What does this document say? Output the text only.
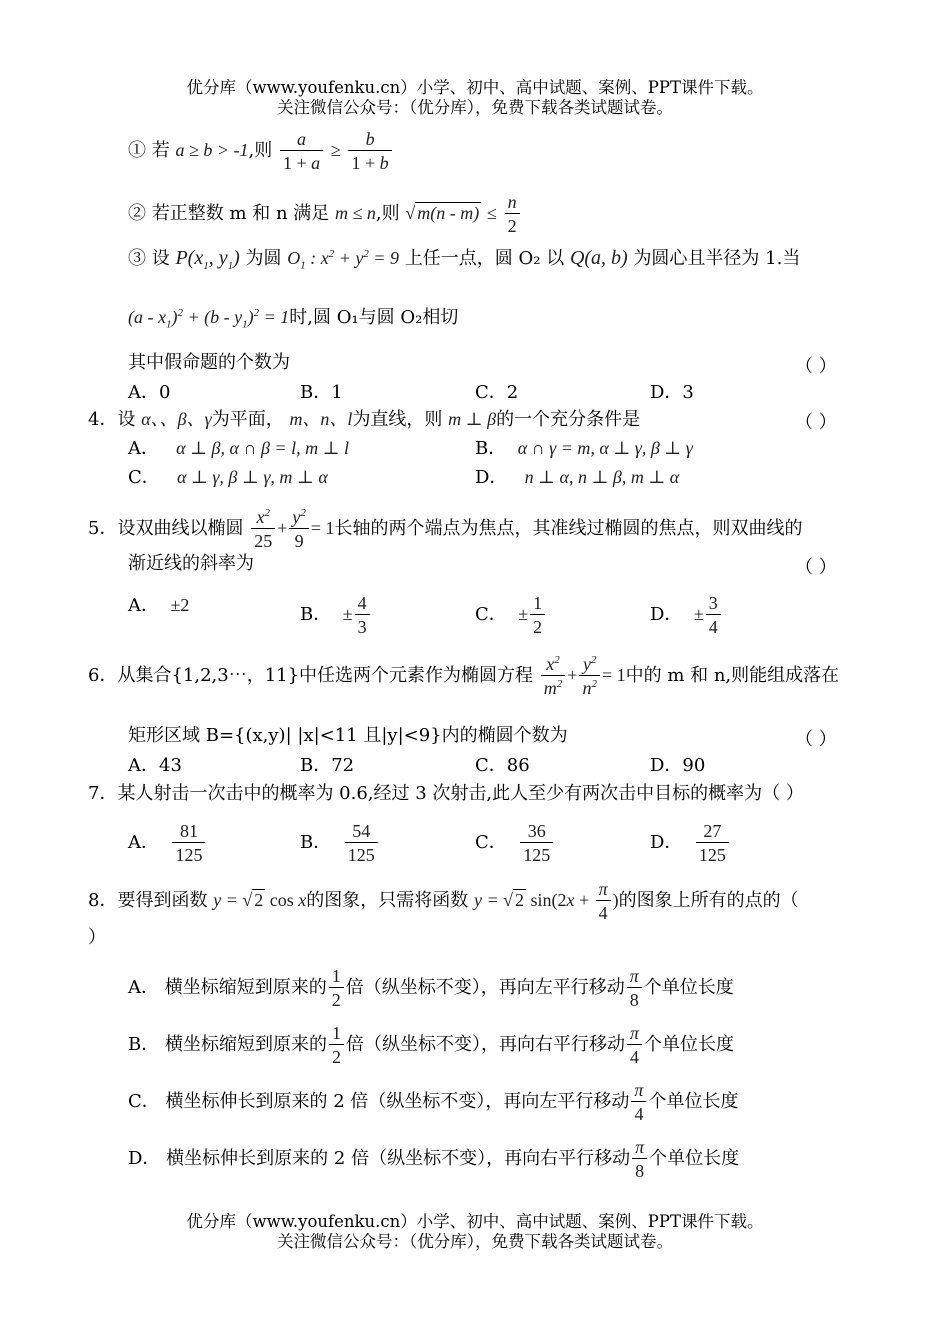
优分库（www.youfenku.cn）小学、初中、高中试题、案例、PPT课件下载。
关注微信公众号：（优分库），免费下载各类试题试卷。
① 若 a ≥ b > -1,则 $\frac{a}{1 + a} \ge \frac{b}{1 + b}$
② 若正整数 m 和 n 满足 m ≤ n,则 √ $m(n - m) \le \frac{n}{2}$
③ 设 $P(x_1$, $y_1$) 为圆 $O_1$ : $x^2 + y^2 = 9$ 上任一点，圆 O₂ 以 Q(a, b) 为圆心且半径为 1.当
$(a - x_1)^2 + (b - y_1)^2 = 1$时,圆 O₁与圆 O₂相切
其中假命题的个数为	（ ）
A．0	B．1	C．2	D．3
4．设 α、、β、γ为平面， m、n、l为直线，则 m ⊥ β的一个充分条件是	（ ）
A． α ⊥ β, α ∩ β = l, m ⊥ l	B． α ∩ γ = m, α ⊥ γ, β ⊥ γ
C． α ⊥ γ, β ⊥ γ, m ⊥ α	D． n ⊥ α, n ⊥ β, m ⊥ α
5．设双曲线以椭圆 $\frac{x^2}{25} + \frac{y^2}{9} = 1$长轴的两个端点为焦点，其准线过椭圆的焦点，则双曲线的
渐近线的斜率为	（ ）
A． ±2	B． ± $\frac{4}{3}$	C． ± $\frac{1}{2}$	D． ± $\frac{3}{4}$
6．从集合{1,2,3⋯，11}中任选两个元素作为椭圆方程 $\frac{x^2}{m^2} + \frac{y^2}{n^2} = 1$中的 m 和 n,则能组成落在
矩形区域 B={(x,y)| |x|<11 且|y|<9}内的椭圆个数为	（ ）
A．43	B．72	C．86	D．90
7．某人射击一次击中的概率为 0.6,经过 3 次射击,此人至少有两次击中目标的概率为（ ）
A． $\frac{81}{125}$	B． $\frac{54}{125}$	C． $\frac{36}{125}$	D． $\frac{27}{125}$
8．要得到函数 y = √ 2 cos x的图象，只需将函数 y = √ 2 $\sin(2x + \frac{\pi}{4}$ )的图象上所有的点的（
）
A． 横坐标缩短到原来的 $\frac{1}{2}$ 倍（纵坐标不变），再向左平行移动 $\frac{\pi}{8}$ 个单位长度
B． 横坐标缩短到原来的 $\frac{1}{2}$ 倍（纵坐标不变），再向右平行移动 $\frac{\pi}{4}$ 个单位长度
C． 横坐标伸长到原来的 2 倍（纵坐标不变），再向左平行移动 $\frac{\pi}{4}$ 个单位长度
D． 横坐标伸长到原来的 2 倍（纵坐标不变），再向右平行移动 $\frac{\pi}{8}$ 个单位长度
优分库（www.youfenku.cn）小学、初中、高中试题、案例、PPT课件下载。
关注微信公众号：（优分库），免费下载各类试题试卷。
